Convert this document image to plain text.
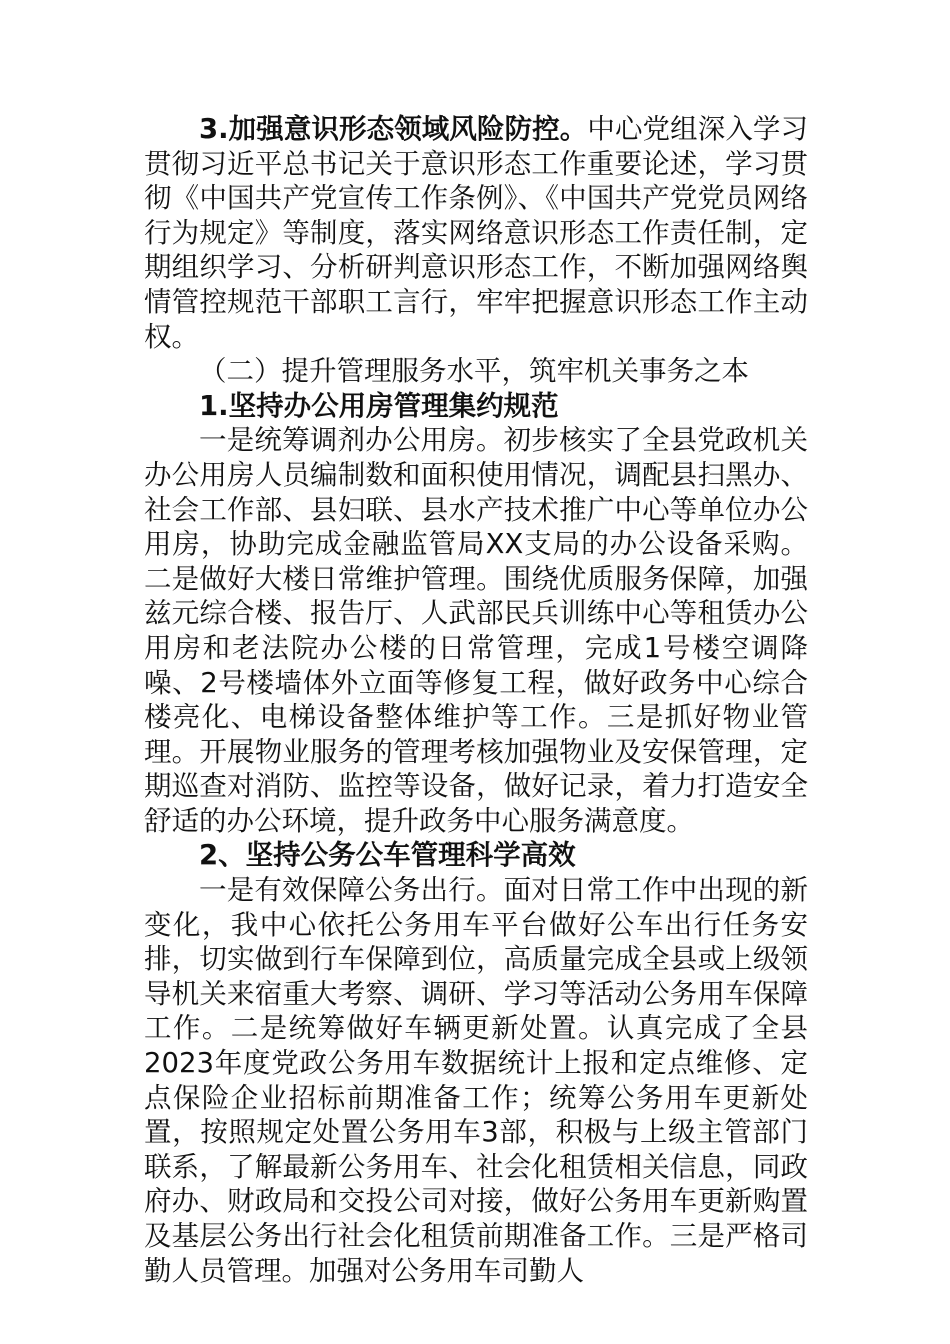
3.加强意识形态领域风险防控。中心党组深入学习贯彻习近平总书记关于意识形态工作重要论述，学习贯彻《中国共产党宣传工作条例》、《中国共产党党员网络行为规定》等制度，落实网络意识形态工作责任制，定期组织学习、分析研判意识形态工作，不断加强网络舆情管控规范干部职工言行，牢牢把握意识形态工作主动权。

（二）提升管理服务水平，筑牢机关事务之本

1.坚持办公用房管理集约规范

一是统筹调剂办公用房。初步核实了全县党政机关办公用房人员编制数和面积使用情况，调配县扫黑办、社会工作部、县妇联、县水产技术推广中心等单位办公用房，协助完成金融监管局XX支局的办公设备采购。二是做好大楼日常维护管理。围绕优质服务保障，加强兹元综合楼、报告厅、人武部民兵训练中心等租赁办公用房和老法院办公楼的日常管理，完成1号楼空调降噪、2号楼墙体外立面等修复工程，做好政务中心综合楼亮化、电梯设备整体维护等工作。三是抓好物业管理。开展物业服务的管理考核加强物业及安保管理，定期巡查对消防、监控等设备，做好记录，着力打造安全舒适的办公环境，提升政务中心服务满意度。

2、坚持公务公车管理科学高效

一是有效保障公务出行。面对日常工作中出现的新变化，我中心依托公务用车平台做好公车出行任务安排，切实做到行车保障到位，高质量完成全县或上级领导机关来宿重大考察、调研、学习等活动公务用车保障工作。二是统筹做好车辆更新处置。认真完成了全县2023年度党政公务用车数据统计上报和定点维修、定点保险企业招标前期准备工作；统筹公务用车更新处置，按照规定处置公务用车3部，积极与上级主管部门联系，了解最新公务用车、社会化租赁相关信息，同政府办、财政局和交投公司对接，做好公务用车更新购置及基层公务出行社会化租赁前期准备工作。三是严格司勤人员管理。加强对公务用车司勤人
